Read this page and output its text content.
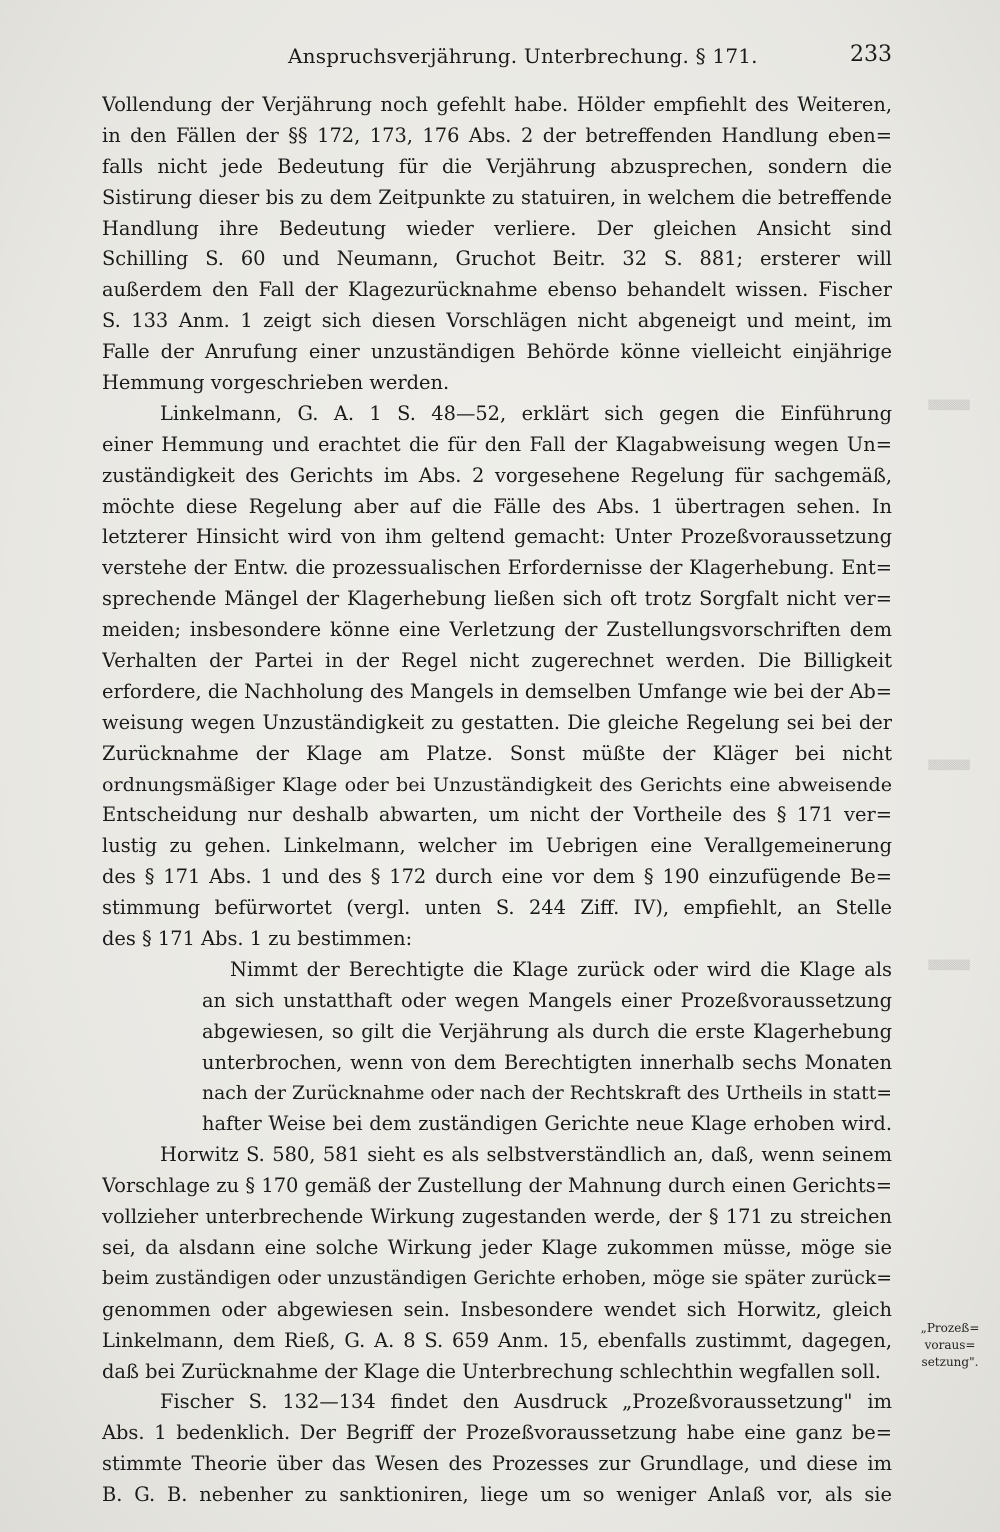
Anspruchsverjährung. Unterbrechung. § 171.	233
▒▒▒▒▒▒
▒▒▒▒▒▒
▒▒▒▒▒▒
Vollendung der Verjährung noch gefehlt habe. Hölder empfiehlt des Weiteren,
in den Fällen der §§ 172, 173, 176 Abs. 2 der betreffenden Handlung eben=
falls nicht jede Bedeutung für die Verjährung abzusprechen, sondern die
Sistirung dieser bis zu dem Zeitpunkte zu statuiren, in welchem die betreffende
Handlung ihre Bedeutung wieder verliere. Der gleichen Ansicht sind
Schilling S. 60 und Neumann, Gruchot Beitr. 32 S. 881; ersterer will
außerdem den Fall der Klagezurücknahme ebenso behandelt wissen. Fischer
S. 133 Anm. 1 zeigt sich diesen Vorschlägen nicht abgeneigt und meint, im
Falle der Anrufung einer unzuständigen Behörde könne vielleicht einjährige
Hemmung vorgeschrieben werden.
Linkelmann, G. A. 1 S. 48—52, erklärt sich gegen die Einführung
einer Hemmung und erachtet die für den Fall der Klagabweisung wegen Un=
zuständigkeit des Gerichts im Abs. 2 vorgesehene Regelung für sachgemäß,
möchte diese Regelung aber auf die Fälle des Abs. 1 übertragen sehen. In
letzterer Hinsicht wird von ihm geltend gemacht: Unter Prozeßvoraussetzung
verstehe der Entw. die prozessualischen Erfordernisse der Klagerhebung. Ent=
sprechende Mängel der Klagerhebung ließen sich oft trotz Sorgfalt nicht ver=
meiden; insbesondere könne eine Verletzung der Zustellungsvorschriften dem
Verhalten der Partei in der Regel nicht zugerechnet werden. Die Billigkeit
erfordere, die Nachholung des Mangels in demselben Umfange wie bei der Ab=
weisung wegen Unzuständigkeit zu gestatten. Die gleiche Regelung sei bei der
Zurücknahme der Klage am Platze. Sonst müßte der Kläger bei nicht
ordnungsmäßiger Klage oder bei Unzuständigkeit des Gerichts eine abweisende
Entscheidung nur deshalb abwarten, um nicht der Vortheile des § 171 ver=
lustig zu gehen. Linkelmann, welcher im Uebrigen eine Verallgemeinerung
des § 171 Abs. 1 und des § 172 durch eine vor dem § 190 einzufügende Be=
stimmung befürwortet (vergl. unten S. 244 Ziff. IV), empfiehlt, an Stelle
des § 171 Abs. 1 zu bestimmen:
Nimmt der Berechtigte die Klage zurück oder wird die Klage als
an sich unstatthaft oder wegen Mangels einer Prozeßvoraussetzung
abgewiesen, so gilt die Verjährung als durch die erste Klagerhebung
unterbrochen, wenn von dem Berechtigten innerhalb sechs Monaten
nach der Zurücknahme oder nach der Rechtskraft des Urtheils in statt=
hafter Weise bei dem zuständigen Gerichte neue Klage erhoben wird.
Horwitz S. 580, 581 sieht es als selbstverständlich an, daß, wenn seinem
Vorschlage zu § 170 gemäß der Zustellung der Mahnung durch einen Gerichts=
vollzieher unterbrechende Wirkung zugestanden werde, der § 171 zu streichen
sei, da alsdann eine solche Wirkung jeder Klage zukommen müsse, möge sie
beim zuständigen oder unzuständigen Gerichte erhoben, möge sie später zurück=
genommen oder abgewiesen sein. Insbesondere wendet sich Horwitz, gleich
Linkelmann, dem Rieß, G. A. 8 S. 659 Anm. 15, ebenfalls zustimmt, dagegen,
daß bei Zurücknahme der Klage die Unterbrechung schlechthin wegfallen soll.
Fischer S. 132—134 findet den Ausdruck „Prozeßvoraussetzung" im
Abs. 1 bedenklich. Der Begriff der Prozeßvoraussetzung habe eine ganz be=
stimmte Theorie über das Wesen des Prozesses zur Grundlage, und diese im
B. G. B. nebenher zu sanktioniren, liege um so weniger Anlaß vor, als sie
„Prozeß=
voraus=
setzung".
